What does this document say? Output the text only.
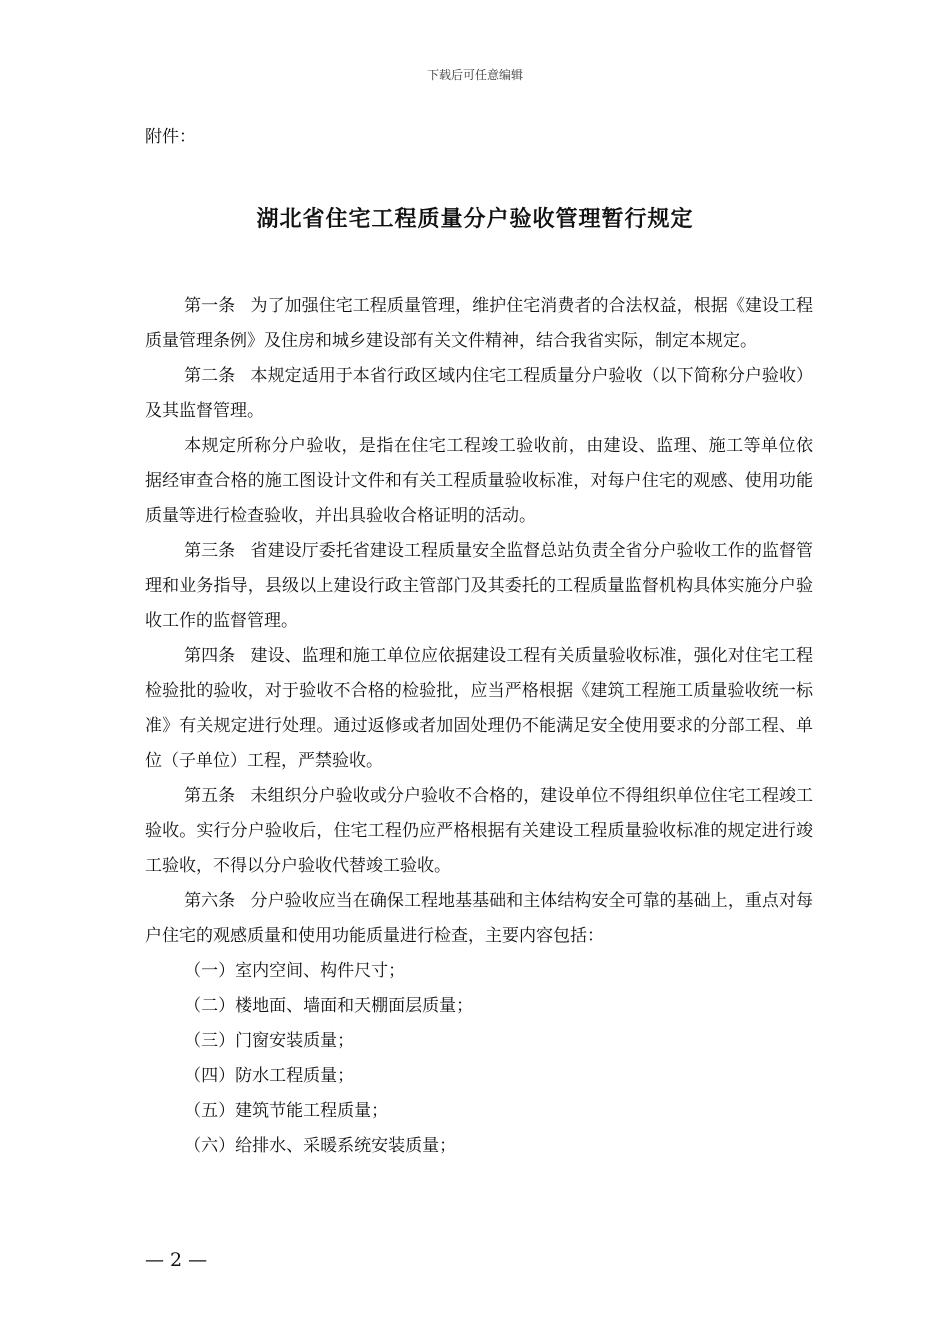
下载后可任意编辑
附件：
湖北省住宅工程质量分户验收管理暂行规定

第一条 为了加强住宅工程质量管理，维护住宅消费者的合法权益，根据《建设工程质量管理条例》及住房和城乡建设部有关文件精神，结合我省实际，制定本规定。

第二条 本规定适用于本省行政区域内住宅工程质量分户验收（以下简称分户验收）及其监督管理。

本规定所称分户验收，是指在住宅工程竣工验收前，由建设、监理、施工等单位依据经审查合格的施工图设计文件和有关工程质量验收标准，对每户住宅的观感、使用功能质量等进行检查验收，并出具验收合格证明的活动。

第三条 省建设厅委托省建设工程质量安全监督总站负责全省分户验收工作的监督管理和业务指导，县级以上建设行政主管部门及其委托的工程质量监督机构具体实施分户验收工作的监督管理。

第四条 建设、监理和施工单位应依据建设工程有关质量验收标准，强化对住宅工程检验批的验收，对于验收不合格的检验批，应当严格根据《建筑工程施工质量验收统一标准》有关规定进行处理。通过返修或者加固处理仍不能满足安全使用要求的分部工程、单位（子单位）工程，严禁验收。

第五条 未组织分户验收或分户验收不合格的，建设单位不得组织单位住宅工程竣工验收。实行分户验收后，住宅工程仍应严格根据有关建设工程质量验收标准的规定进行竣工验收，不得以分户验收代替竣工验收。

第六条 分户验收应当在确保工程地基基础和主体结构安全可靠的基础上，重点对每户住宅的观感质量和使用功能质量进行检查，主要内容包括：

（一）室内空间、构件尺寸；

（二）楼地面、墙面和天棚面层质量；

（三）门窗安装质量；

（四）防水工程质量；

（五）建筑节能工程质量；

（六）给排水、采暖系统安装质量；

— 2 —
